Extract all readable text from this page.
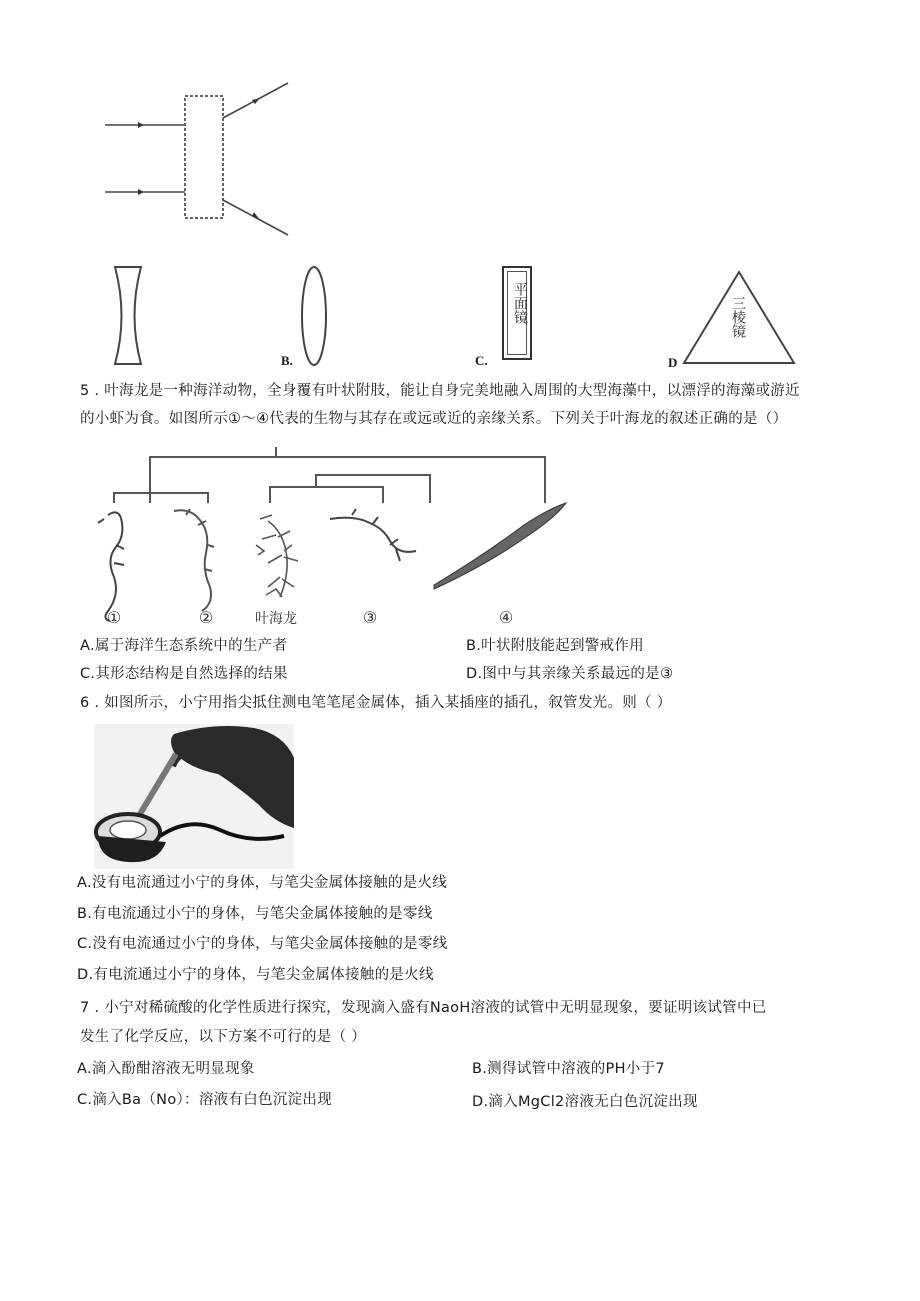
B.	C.
平面镜
D
三棱镜
5 . 叶海龙是一种海洋动物，全身覆有叶状附肢，能让自身完美地融入周围的大型海藻中，以漂浮的海藻或游近
的小虾为食。如图所示①～④代表的生物与其存在或远或近的亲缘关系。下列关于叶海龙的叙述正确的是（）
①	②	叶海龙	③	④
A.属于海洋生态系统中的生产者	B.叶状附肢能起到警戒作用
C.其形态结构是自然选择的结果	D.图中与其亲缘关系最远的是③
6 . 如图所示，小宁用指尖抵住测电笔笔尾金属体，插入某插座的插孔，叙管发光。则（ ）
A.没有电流通过小宁的身体，与笔尖金属体接触的是火线
B.有电流通过小宁的身体，与笔尖金属体接触的是零线
C.没有电流通过小宁的身体，与笔尖金属体接触的是零线
D.有电流通过小宁的身体，与笔尖金属体接触的是火线
7 . 小宁对稀硫酸的化学性质进行探究，发现滴入盛有NaoH溶液的试管中无明显现象，要证明该试管中已
发生了化学反应，以下方案不可行的是（ ）
A.滴入酚酣溶液无明显现象	B.测得试管中溶液的PH小于7
C.滴入Ba（No）：溶液有白色沉淀出现	D.滴入MgCl2溶液无白色沉淀出现
